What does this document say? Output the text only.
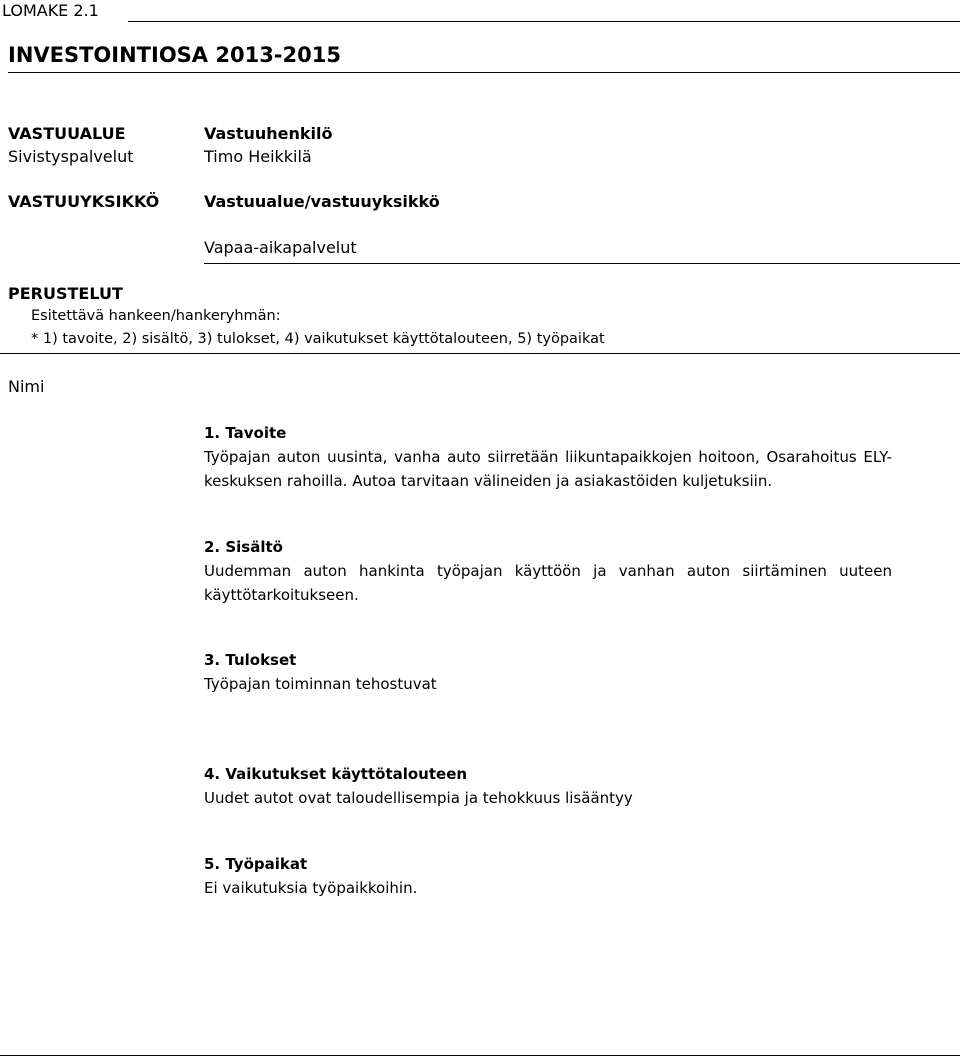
LOMAKE 2.1
INVESTOINTIOSA 2013-2015
VASTUUALUE
Sivistyspalvelut
Vastuuhenkilö
Timo Heikkilä
VASTUUYKSIKKÖ	Vastuualue/vastuuyksikkö
Vapaa-aikapalvelut
PERUSTELUT
Esitettävä hankeen/hankeryhmän:
* 1) tavoite, 2) sisältö, 3) tulokset, 4) vaikutukset käyttötalouteen, 5) työpaikat
Nimi
1. Tavoite
Työpajan auton uusinta, vanha auto siirretään liikuntapaikkojen hoitoon, Osarahoitus ELY- keskuksen rahoilla. Autoa tarvitaan välineiden ja asiakastöiden kuljetuksiin.
2. Sisältö
Uudemman auton hankinta työpajan käyttöön ja vanhan auton siirtäminen uuteen käyttötarkoitukseen.
3. Tulokset
Työpajan toiminnan tehostuvat
4. Vaikutukset käyttötalouteen
Uudet autot ovat taloudellisempia ja tehokkuus lisääntyy
5. Työpaikat
Ei vaikutuksia työpaikkoihin.
